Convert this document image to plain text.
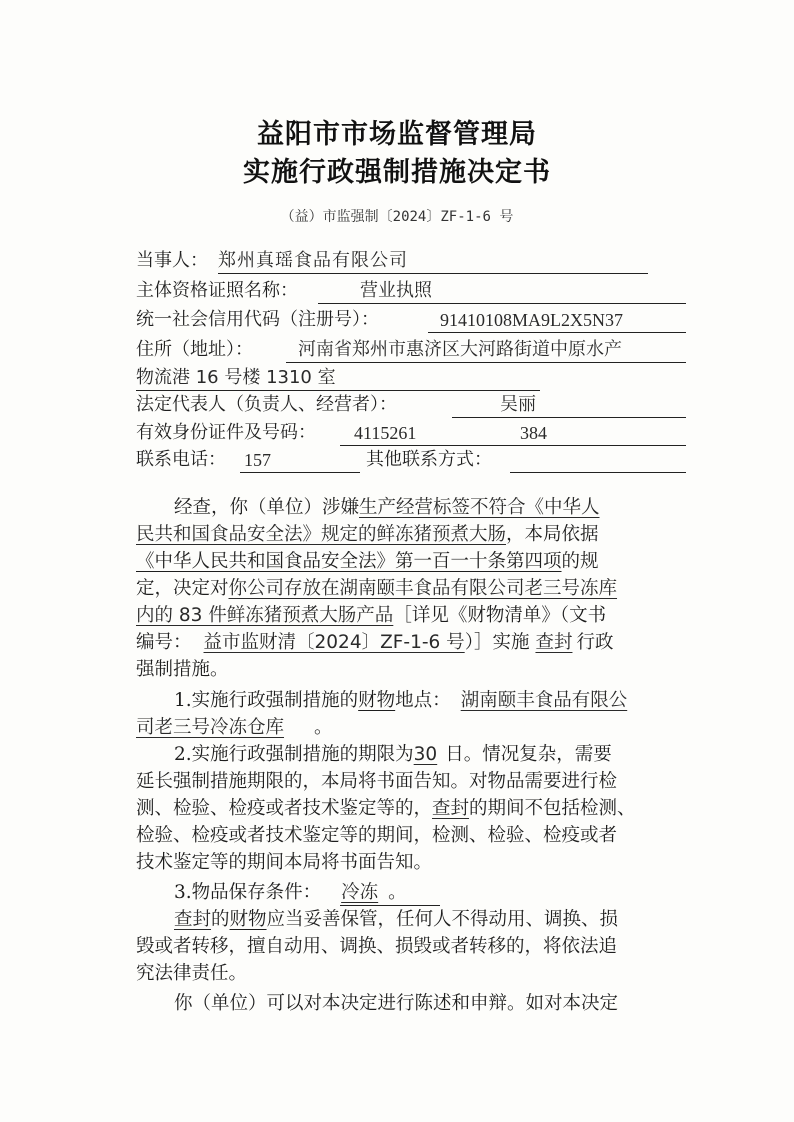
益阳市市场监督管理局
实施行政强制措施决定书
（益）市监强制〔2024〕ZF-1-6 号
当事人： 郑州真瑶食品有限公司
主体资格证照名称：	营业执照
统一社会信用代码（注册号）：	91410108MA9L2X5N37
住所（地址）：	河南省郑州市惠济区大河路街道中原水产
物流港 16 号楼 1310 室
法定代表人（负责人、经营者）：	吴丽
有效身份证件及号码： 4115261	384
联系电话： 157	其他联系方式：
经查，你（单位）涉嫌生产经营标签不符合《中华人
民共和国食品安全法》规定的鲜冻猪预煮大肠，本局依据
《中华人民共和国食品安全法》第一百一十条第四项的规
定，决定对你公司存放在湖南颐丰食品有限公司老三号冻库
内的 83 件鲜冻猪预煮大肠产品［详见《财物清单》（文书
编号： 益市监财清〔2024〕ZF-1-6 号）］实施 查封 行政
强制措施。
1.实施行政强制措施的财物地点： 湖南颐丰食品有限公
司老三号冷冻仓库 。
2.实施行政强制措施的期限为30 日。情况复杂，需要
延长强制措施期限的，本局将书面告知。对物品需要进行检
测、检验、检疫或者技术鉴定等的，查封的期间不包括检测、
检验、检疫或者技术鉴定等的期间，检测、检验、检疫或者
技术鉴定等的期间本局将书面告知。
3.物品保存条件： 冷冻 。
查封的财物应当妥善保管，任何人不得动用、调换、损
毁或者转移，擅自动用、调换、损毁或者转移的，将依法追
究法律责任。
你（单位）可以对本决定进行陈述和申辩。如对本决定
